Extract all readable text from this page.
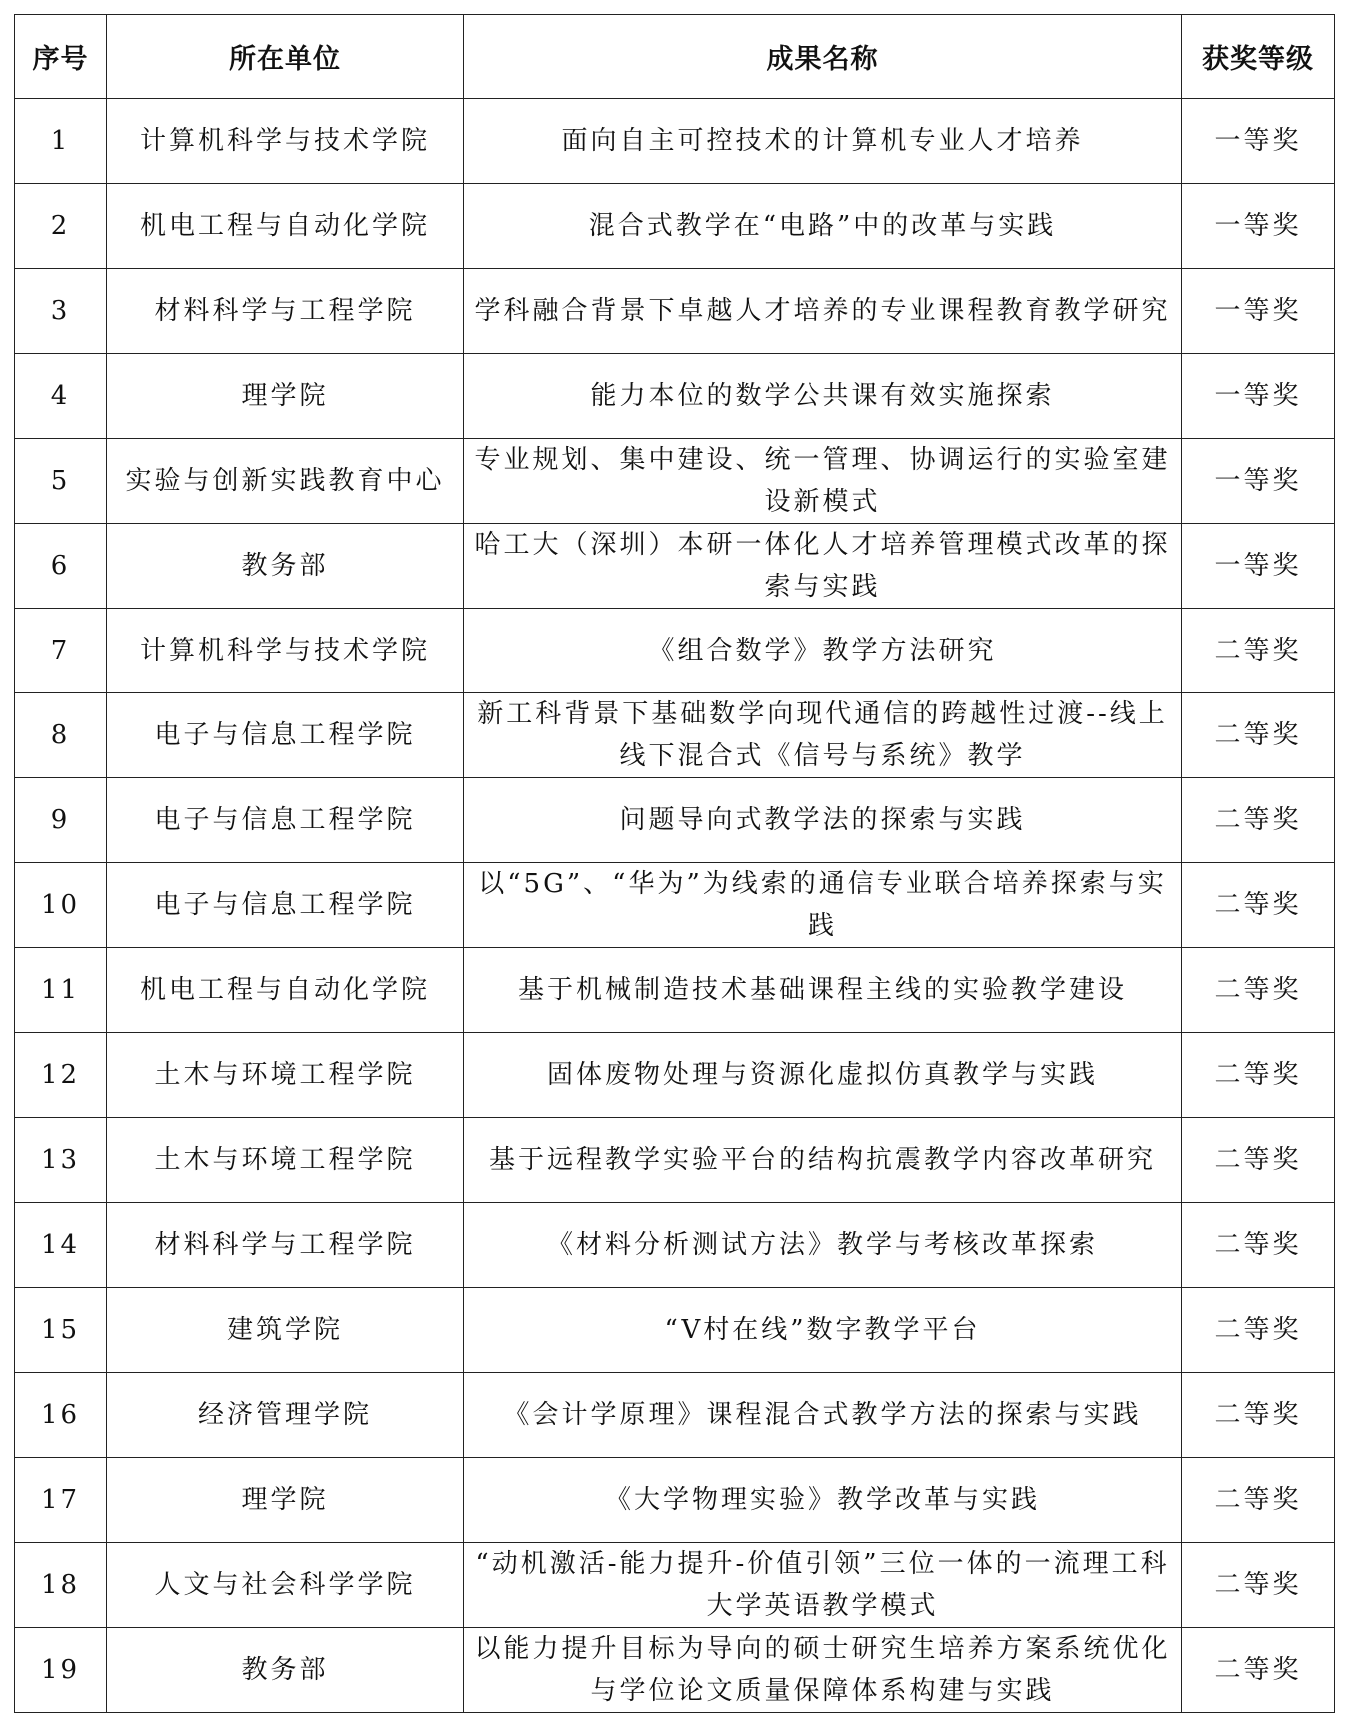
序号	所在单位	成果名称	获奖等级
1	计算机科学与技术学院	面向自主可控技术的计算机专业人才培养	一等奖
2	机电工程与自动化学院	混合式教学在“电路”中的改革与实践	一等奖
3	材料科学与工程学院	学科融合背景下卓越人才培养的专业课程教育教学研究	一等奖
4	理学院	能力本位的数学公共课有效实施探索	一等奖
5	实验与创新实践教育中心	专业规划、集中建设、统一管理、协调运行的实验室建设新模式	一等奖
6	教务部	哈工大（深圳）本研一体化人才培养管理模式改革的探索与实践	一等奖
7	计算机科学与技术学院	《组合数学》教学方法研究	二等奖
8	电子与信息工程学院	新工科背景下基础数学向现代通信的跨越性过渡--线上线下混合式《信号与系统》教学	二等奖
9	电子与信息工程学院	问题导向式教学法的探索与实践	二等奖
10	电子与信息工程学院	以“5G”、“华为”为线索的通信专业联合培养探索与实践	二等奖
11	机电工程与自动化学院	基于机械制造技术基础课程主线的实验教学建设	二等奖
12	土木与环境工程学院	固体废物处理与资源化虚拟仿真教学与实践	二等奖
13	土木与环境工程学院	基于远程教学实验平台的结构抗震教学内容改革研究	二等奖
14	材料科学与工程学院	《材料分析测试方法》教学与考核改革探索	二等奖
15	建筑学院	“V村在线”数字教学平台	二等奖
16	经济管理学院	《会计学原理》课程混合式教学方法的探索与实践	二等奖
17	理学院	《大学物理实验》教学改革与实践	二等奖
18	人文与社会科学学院	“动机激活-能力提升-价值引领”三位一体的一流理工科大学英语教学模式	二等奖
19	教务部	以能力提升目标为导向的硕士研究生培养方案系统优化与学位论文质量保障体系构建与实践	二等奖
